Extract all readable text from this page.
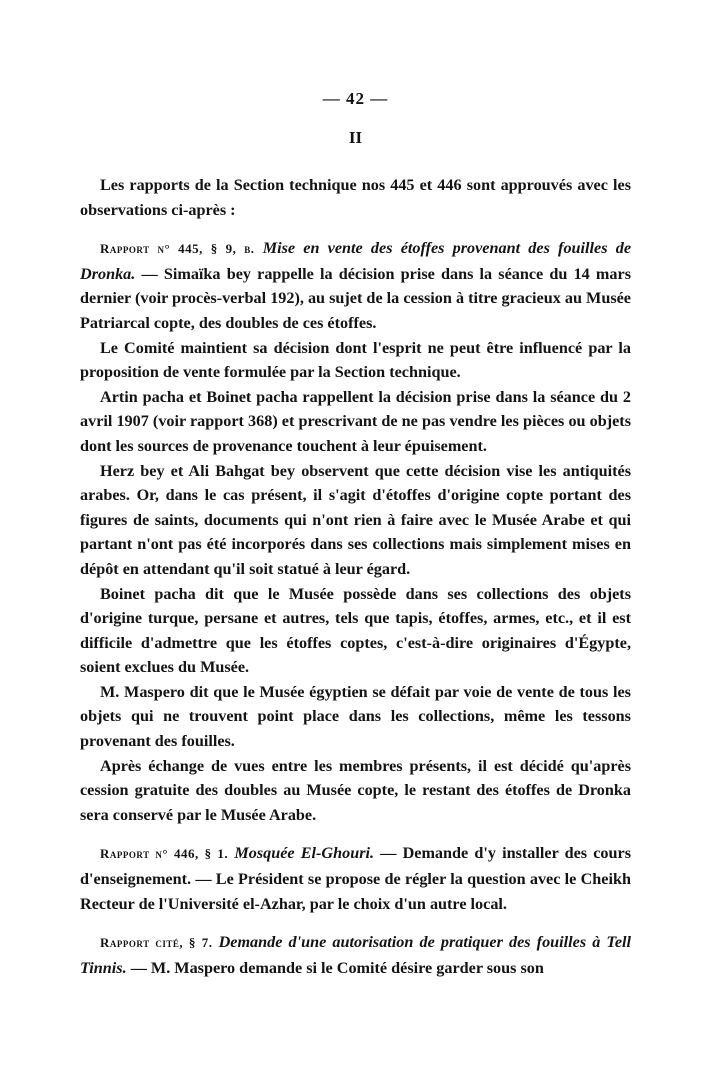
— 42 —

II

Les rapports de la Section technique nos 445 et 446 sont approuvés avec les observations ci-après :

Rapport n° 445, § 9, b. Mise en vente des étoffes provenant des fouilles de Dronka. — Simaïka bey rappelle la décision prise dans la séance du 14 mars dernier (voir procès-verbal 192), au sujet de la cession à titre gracieux au Musée Patriarcal copte, des doubles de ces étoffes.

Le Comité maintient sa décision dont l'esprit ne peut être influencé par la proposition de vente formulée par la Section technique.

Artin pacha et Boinet pacha rappellent la décision prise dans la séance du 2 avril 1907 (voir rapport 368) et prescrivant de ne pas vendre les pièces ou objets dont les sources de provenance touchent à leur épuisement.

Herz bey et Ali Bahgat bey observent que cette décision vise les antiquités arabes. Or, dans le cas présent, il s'agit d'étoffes d'origine copte portant des figures de saints, documents qui n'ont rien à faire avec le Musée Arabe et qui partant n'ont pas été incorporés dans ses collections mais simplement mises en dépôt en attendant qu'il soit statué à leur égard.

Boinet pacha dit que le Musée possède dans ses collections des objets d'origine turque, persane et autres, tels que tapis, étoffes, armes, etc., et il est difficile d'admettre que les étoffes coptes, c'est-à-dire originaires d'Égypte, soient exclues du Musée.

M. Maspero dit que le Musée égyptien se défait par voie de vente de tous les objets qui ne trouvent point place dans les collections, même les tessons provenant des fouilles.

Après échange de vues entre les membres présents, il est décidé qu'après cession gratuite des doubles au Musée copte, le restant des étoffes de Dronka sera conservé par le Musée Arabe.

Rapport n° 446, § 1. Mosquée El-Ghouri. — Demande d'y installer des cours d'enseignement. — Le Président se propose de régler la question avec le Cheikh Recteur de l'Université el-Azhar, par le choix d'un autre local.

Rapport cité, § 7. Demande d'une autorisation de pratiquer des fouilles à Tell Tinnis. — M. Maspero demande si le Comité désire garder sous son
